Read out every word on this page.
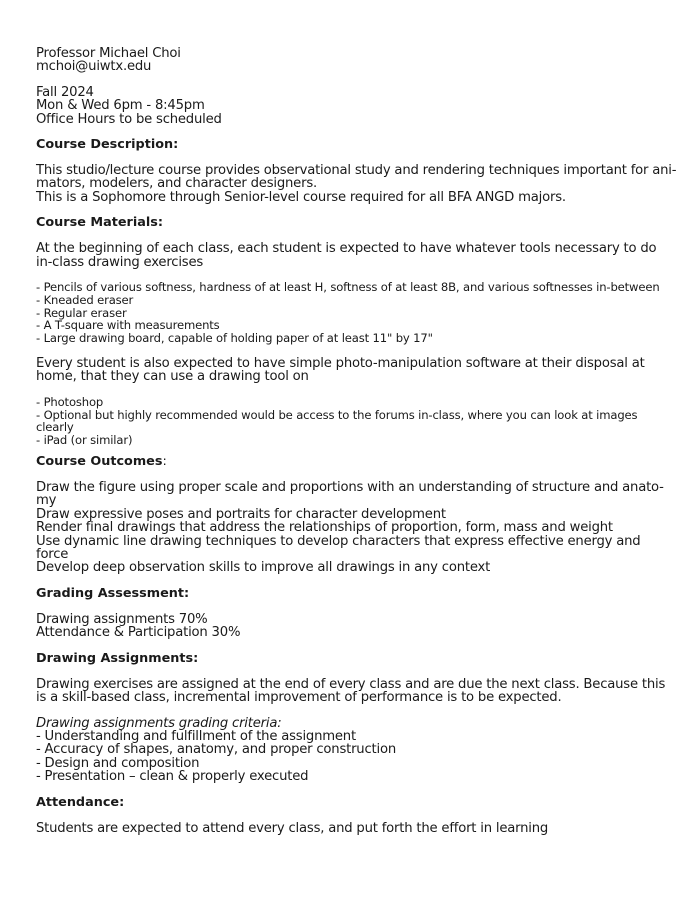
Professor Michael Choi
mchoi@uiwtx.edu
Fall 2024
Mon & Wed 6pm - 8:45pm
Office Hours to be scheduled
Course Description:
This studio/lecture course provides observational study and rendering techniques important for ani-
mators, modelers, and character designers.
This is a Sophomore through Senior-level course required for all BFA ANGD majors.
Course Materials:
At the beginning of each class, each student is expected to have whatever tools necessary to do
in-class drawing exercises
- Pencils of various softness, hardness of at least H, softness of at least 8B, and various softnesses in-between
- Kneaded eraser
- Regular eraser
- A T-square with measurements
- Large drawing board, capable of holding paper of at least 11" by 17"
Every student is also expected to have simple photo-manipulation software at their disposal at
home, that they can use a drawing tool on
- Photoshop
- Optional but highly recommended would be access to the forums in-class, where you can look at images
clearly
- iPad (or similar)
Course Outcomes:
Draw the figure using proper scale and proportions with an understanding of structure and anato-
my
Draw expressive poses and portraits for character development
Render final drawings that address the relationships of proportion, form, mass and weight
Use dynamic line drawing techniques to develop characters that express effective energy and
force
Develop deep observation skills to improve all drawings in any context
Grading Assessment:
Drawing assignments 70%
Attendance & Participation 30%
Drawing Assignments:
Drawing exercises are assigned at the end of every class and are due the next class. Because this
is a skill-based class, incremental improvement of performance is to be expected.
Drawing assignments grading criteria:
- Understanding and fulfillment of the assignment
- Accuracy of shapes, anatomy, and proper construction
- Design and composition
- Presentation – clean & properly executed
Attendance:
Students are expected to attend every class, and put forth the effort in learning
